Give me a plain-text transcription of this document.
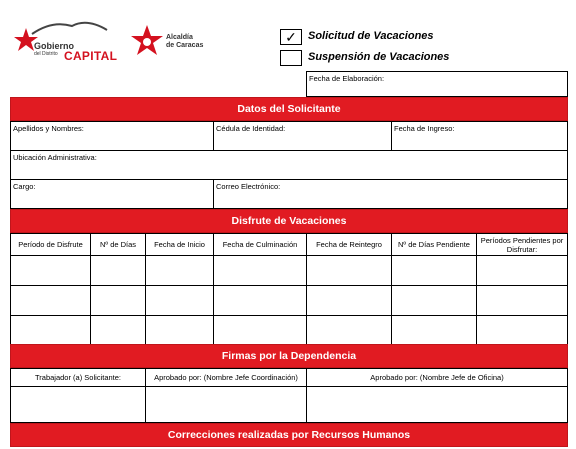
Gobierno
del Distrito CAPITAL
Alcaldía
de Caracas
✓	Solicitud de Vacaciones
Suspensión de Vacaciones
Fecha de Elaboración:
Datos del Solicitante
Apellidos y Nombres:	Cédula de Identidad:	Fecha de Ingreso:
Ubicación Administrativa:
Cargo:	Correo Electrónico:
Disfrute de Vacaciones
Período de Disfrute	Nº de Días	Fecha de Inicio	Fecha de Culminación	Fecha de Reintegro	Nº de Días Pendiente	Períodos Pendientes por Disfrutar:
Firmas por la Dependencia
Trabajador (a) Solicitante:	Aprobado por: (Nombre Jefe Coordinación)	Aprobado por: (Nombre Jefe de Oficina)
Correcciones realizadas por Recursos Humanos
